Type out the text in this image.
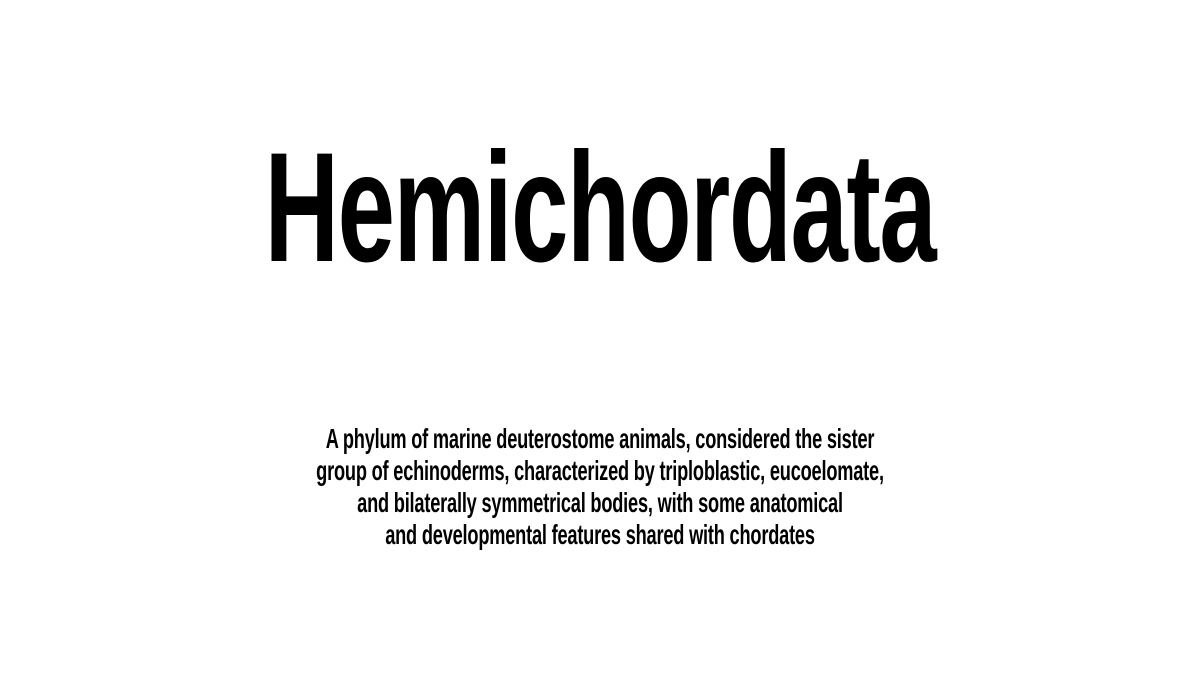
Hemichordata
A phylum of marine deuterostome animals, considered the sister
group of echinoderms, characterized by triploblastic, eucoelomate,
and bilaterally symmetrical bodies, with some anatomical
and developmental features shared with chordates
